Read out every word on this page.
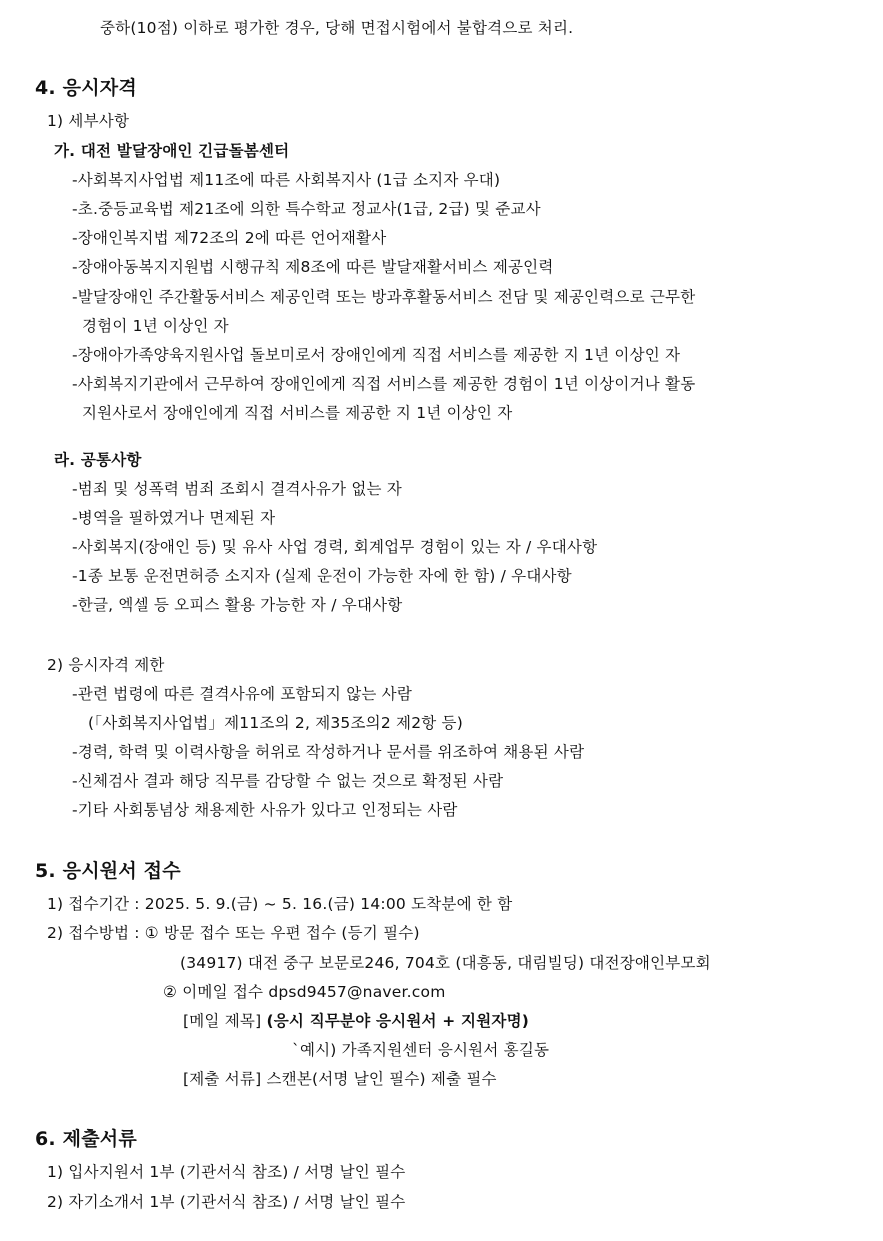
중하(10점) 이하로 평가한 경우, 당해 면접시험에서 불합격으로 처리.
4. 응시자격
1) 세부사항
가. 대전 발달장애인 긴급돌봄센터
-사회복지사업법 제11조에 따른 사회복지사 (1급 소지자 우대)
-초.중등교육법 제21조에 의한 특수학교 정교사(1급, 2급) 및 준교사
-장애인복지법 제72조의 2에 따른 언어재활사
-장애아동복지지원법 시행규칙 제8조에 따른 발달재활서비스 제공인력
-발달장애인 주간활동서비스 제공인력 또는 방과후활동서비스 전담 및 제공인력으로 근무한
경험이 1년 이상인 자
-장애아가족양육지원사업 돌보미로서 장애인에게 직접 서비스를 제공한 지 1년 이상인 자
-사회복지기관에서 근무하여 장애인에게 직접 서비스를 제공한 경험이 1년 이상이거나 활동
지원사로서 장애인에게 직접 서비스를 제공한 지 1년 이상인 자
라. 공통사항
-범죄 및 성폭력 범죄 조회시 결격사유가 없는 자
-병역을 필하였거나 면제된 자
-사회복지(장애인 등) 및 유사 사업 경력, 회계업무 경험이 있는 자 / 우대사항
-1종 보통 운전면허증 소지자 (실제 운전이 가능한 자에 한 함) / 우대사항
-한글, 엑셀 등 오피스 활용 가능한 자 / 우대사항
2) 응시자격 제한
-관련 법령에 따른 결격사유에 포함되지 않는 사람
(「사회복지사업법」제11조의 2, 제35조의2 제2항 등)
-경력, 학력 및 이력사항을 허위로 작성하거나 문서를 위조하여 채용된 사람
-신체검사 결과 해당 직무를 감당할 수 없는 것으로 확정된 사람
-기타 사회통념상 채용제한 사유가 있다고 인정되는 사람
5. 응시원서 접수
1) 접수기간 : 2025. 5. 9.(금) ~ 5. 16.(금) 14:00 도착분에 한 함
2) 접수방법 : ① 방문 접수 또는 우편 접수 (등기 필수)
(34917) 대전 중구 보문로246, 704호 (대흥동, 대림빌딩) 대전장애인부모회
② 이메일 접수 dpsd9457@naver.com
[메일 제목] (응시 직무분야 응시원서 + 지원자명)
`예시) 가족지원센터 응시원서 홍길동
[제출 서류] 스캔본(서명 날인 필수) 제출 필수
6. 제출서류
1) 입사지원서 1부 (기관서식 참조) / 서명 날인 필수
2) 자기소개서 1부 (기관서식 참조) / 서명 날인 필수
